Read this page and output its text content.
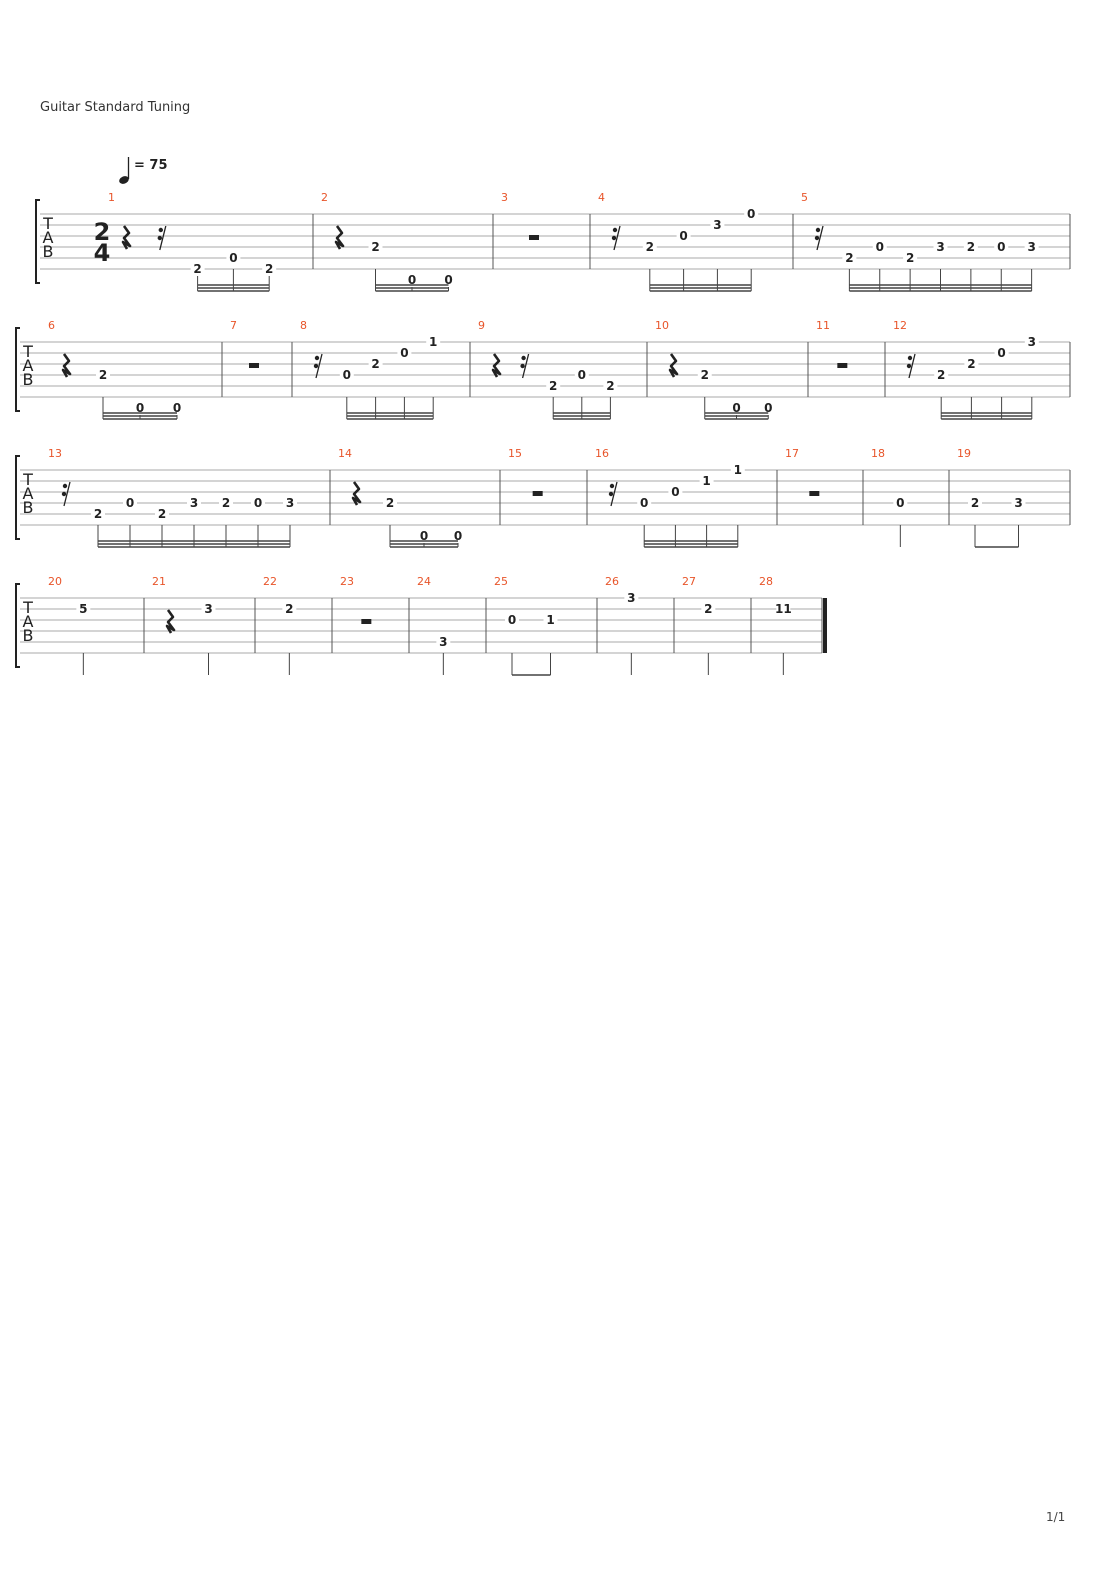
Guitar Standard Tuning
= 75
T
A
B
2
4
1
2
0
2
2
2
0 0
3	4
2
0
3
0
5
2
0
2
3 2 0 3
T
A
B
6
2
0 0
7	8
0
2
0
1
9
2
0
2
10
2
0 0
11	12
2
2
0
3
T
A
B
13
2
0
2
3 2 0 3
14
2
0 0
15	16
0
0
1
1
17	18
0
19
2	3
T
A
B
20
5
21
3
22
2
23	24
3
25
0	1
26
3
27
2
28
11
1/1
